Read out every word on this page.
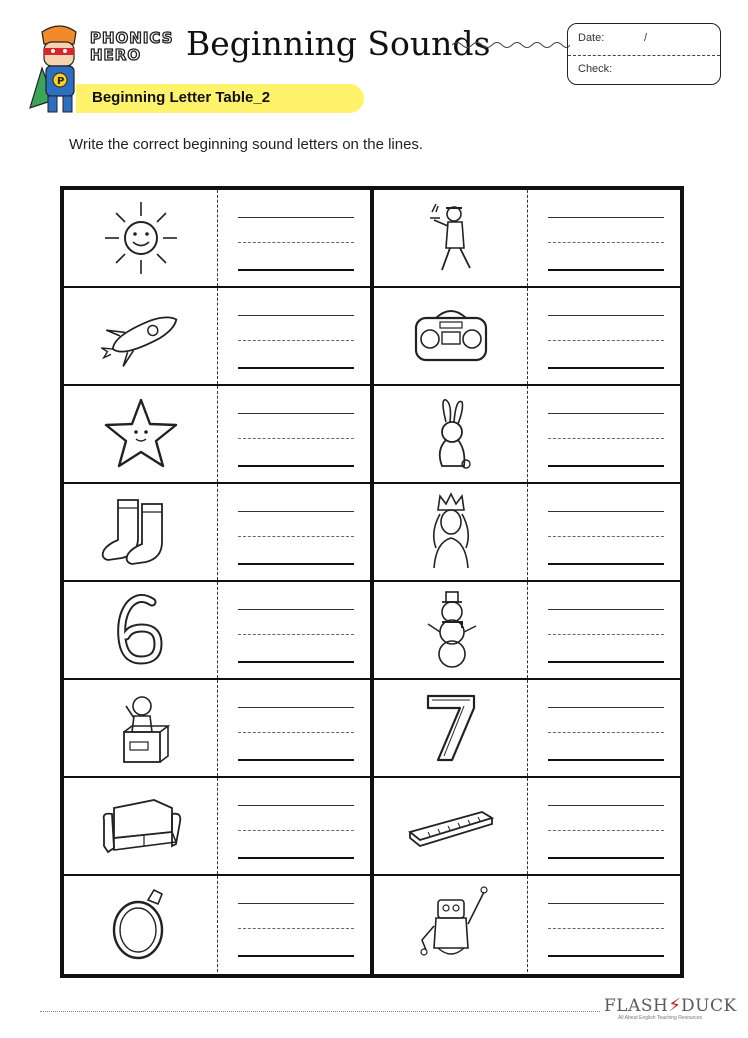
P
PHONICS
HERO	Beginning Sounds	Date:	/
Check:
Beginning Letter Table_2
Write the correct beginning sound letters on the lines.
FLASH⚡DUCK
All About English Teaching Resources
